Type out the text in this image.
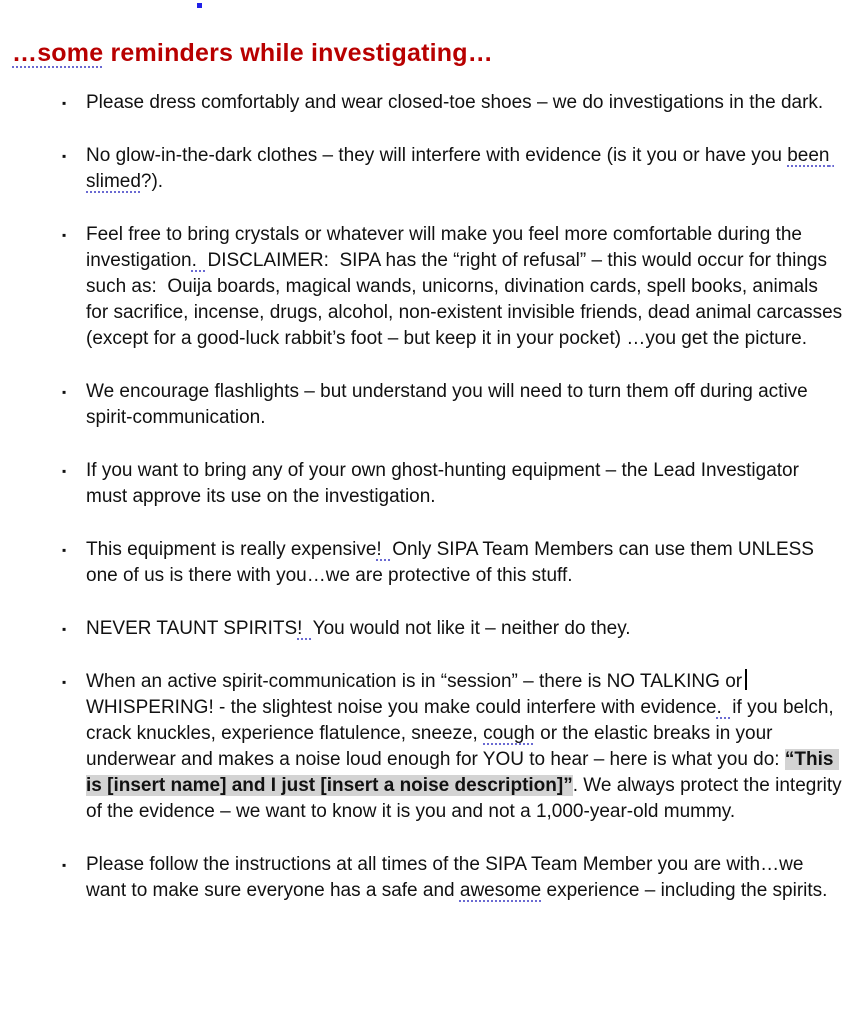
…some reminders while investigating…
▪	Please dress comfortably and wear closed-toe shoes – we do investigations in the dark.
▪	No glow-in-the-dark clothes – they will interfere with evidence (is it you or have you been slimed?).
▪	Feel free to bring crystals or whatever will make you feel more comfortable during the investigation.  DISCLAIMER:  SIPA has the “right of refusal” – this would occur for things such as:  Ouija boards, magical wands, unicorns, divination cards, spell books, animals for sacrifice, incense, drugs, alcohol, non-existent invisible friends, dead animal carcasses (except for a good-luck rabbit’s foot – but keep it in your pocket) …you get the picture.
▪	We encourage flashlights – but understand you will need to turn them off during active spirit-communication.
▪	If you want to bring any of your own ghost-hunting equipment – the Lead Investigator must approve its use on the investigation.
▪	This equipment is really expensive!  Only SIPA Team Members can use them UNLESS one of us is there with you…we are protective of this stuff.
▪	NEVER TAUNT SPIRITS!  You would not like it – neither do they.
▪	When an active spirit-communication is in “session” – there is NO TALKING or WHISPERING! - the slightest noise you make could interfere with evidence.  if you belch, crack knuckles, experience flatulence, sneeze, cough or the elastic breaks in your underwear and makes a noise loud enough for YOU to hear – here is what you do: “This is [insert name] and I just [insert a noise description]”. We always protect the integrity of the evidence – we want to know it is you and not a 1,000-year-old mummy.
▪	Please follow the instructions at all times of the SIPA Team Member you are with…we want to make sure everyone has a safe and awesome experience – including the spirits.
